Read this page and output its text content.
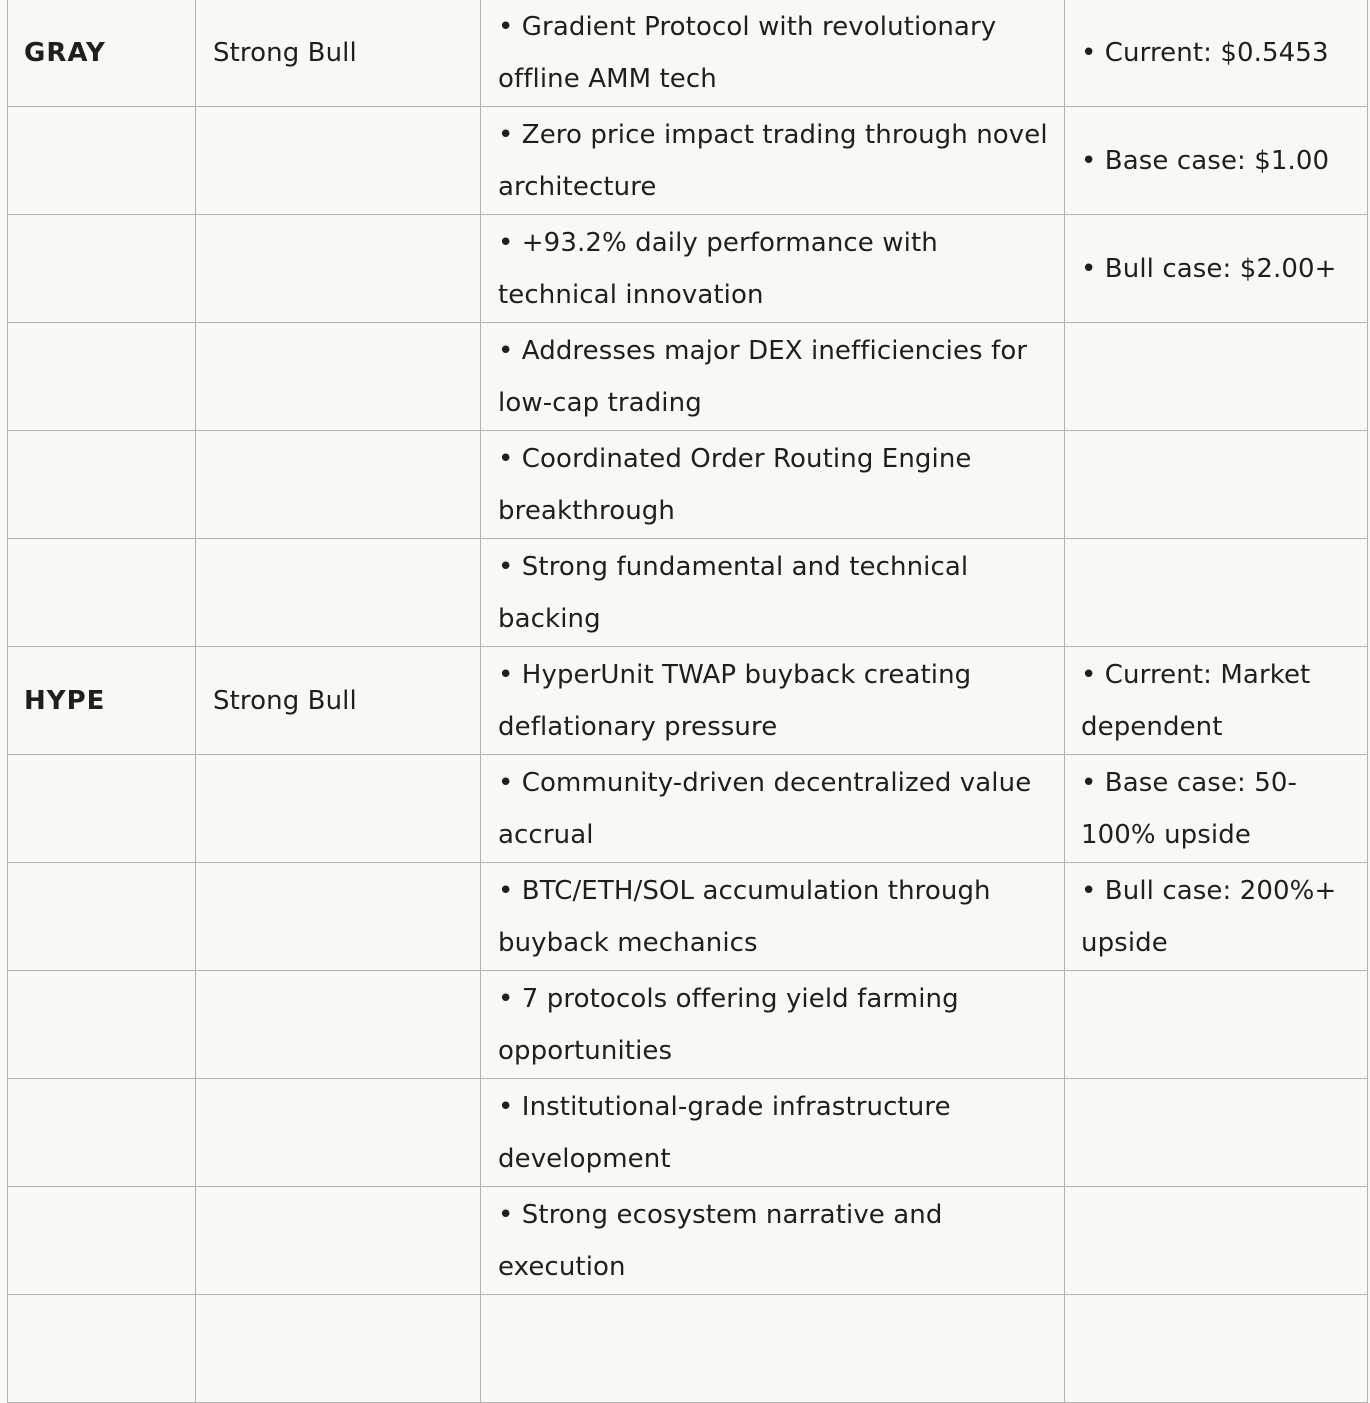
GRAY	Strong Bull	• Gradient Protocol with revolutionary offline AMM tech	• Current: $0.5453
		• Zero price impact trading through novel architecture	• Base case: $1.00
		• +93.2% daily performance with technical innovation	• Bull case: $2.00+
		• Addresses major DEX inefficiencies for low-cap trading	
		• Coordinated Order Routing Engine breakthrough	
		• Strong fundamental and technical backing	
HYPE	Strong Bull	• HyperUnit TWAP buyback creating deflationary pressure	• Current: Market dependent
		• Community-driven decentralized value accrual	• Base case: 50-100% upside
		• BTC/ETH/SOL accumulation through buyback mechanics	• Bull case: 200%+ upside
		• 7 protocols offering yield farming opportunities	
		• Institutional-grade infrastructure development	
		• Strong ecosystem narrative and execution	
